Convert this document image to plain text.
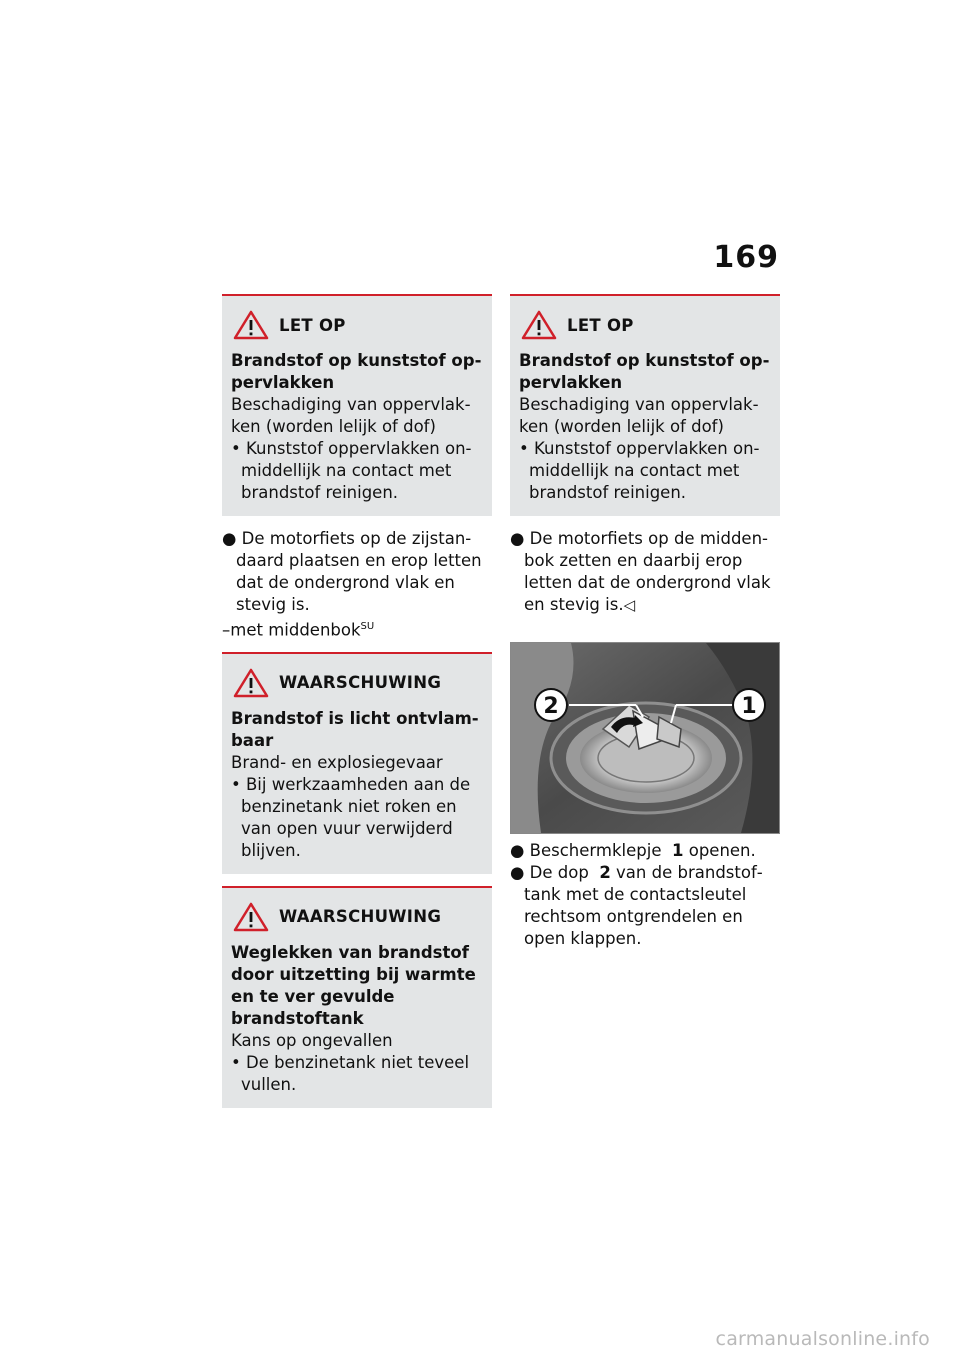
169
LET OP
Brandstof op kunststof oppervlakken
Beschadiging van oppervlakken (worden lelijk of dof)
• Kunststof oppervlakken onmiddellijk na contact met brandstof reinigen.
● De motorfiets op de zijstandaard plaatsen en erop letten dat de ondergrond vlak en stevig is.
–met middenbok$^{SU}$
WAARSCHUWING
Brandstof is licht ontvlambaar
Brand- en explosiegevaar
• Bij werkzaamheden aan de benzinetank niet roken en van open vuur verwijderd blijven.
WAARSCHUWING
Weglekken van brandstof door uitzetting bij warmte en te ver gevulde brandstoftank
Kans op ongevallen
• De benzinetank niet teveel vullen.
LET OP
Brandstof op kunststof oppervlakken
Beschadiging van oppervlakken (worden lelijk of dof)
• Kunststof oppervlakken onmiddellijk na contact met brandstof reinigen.
● De motorfiets op de middenbok zetten en daarbij erop letten dat de ondergrond vlak en stevig is.◁
2	1
● Beschermklepje 1 openen.
● De dop 2 van de brandstoftank met de contactsleutel rechtsom ontgrendelen en open klappen.
carmanualsonline.info
